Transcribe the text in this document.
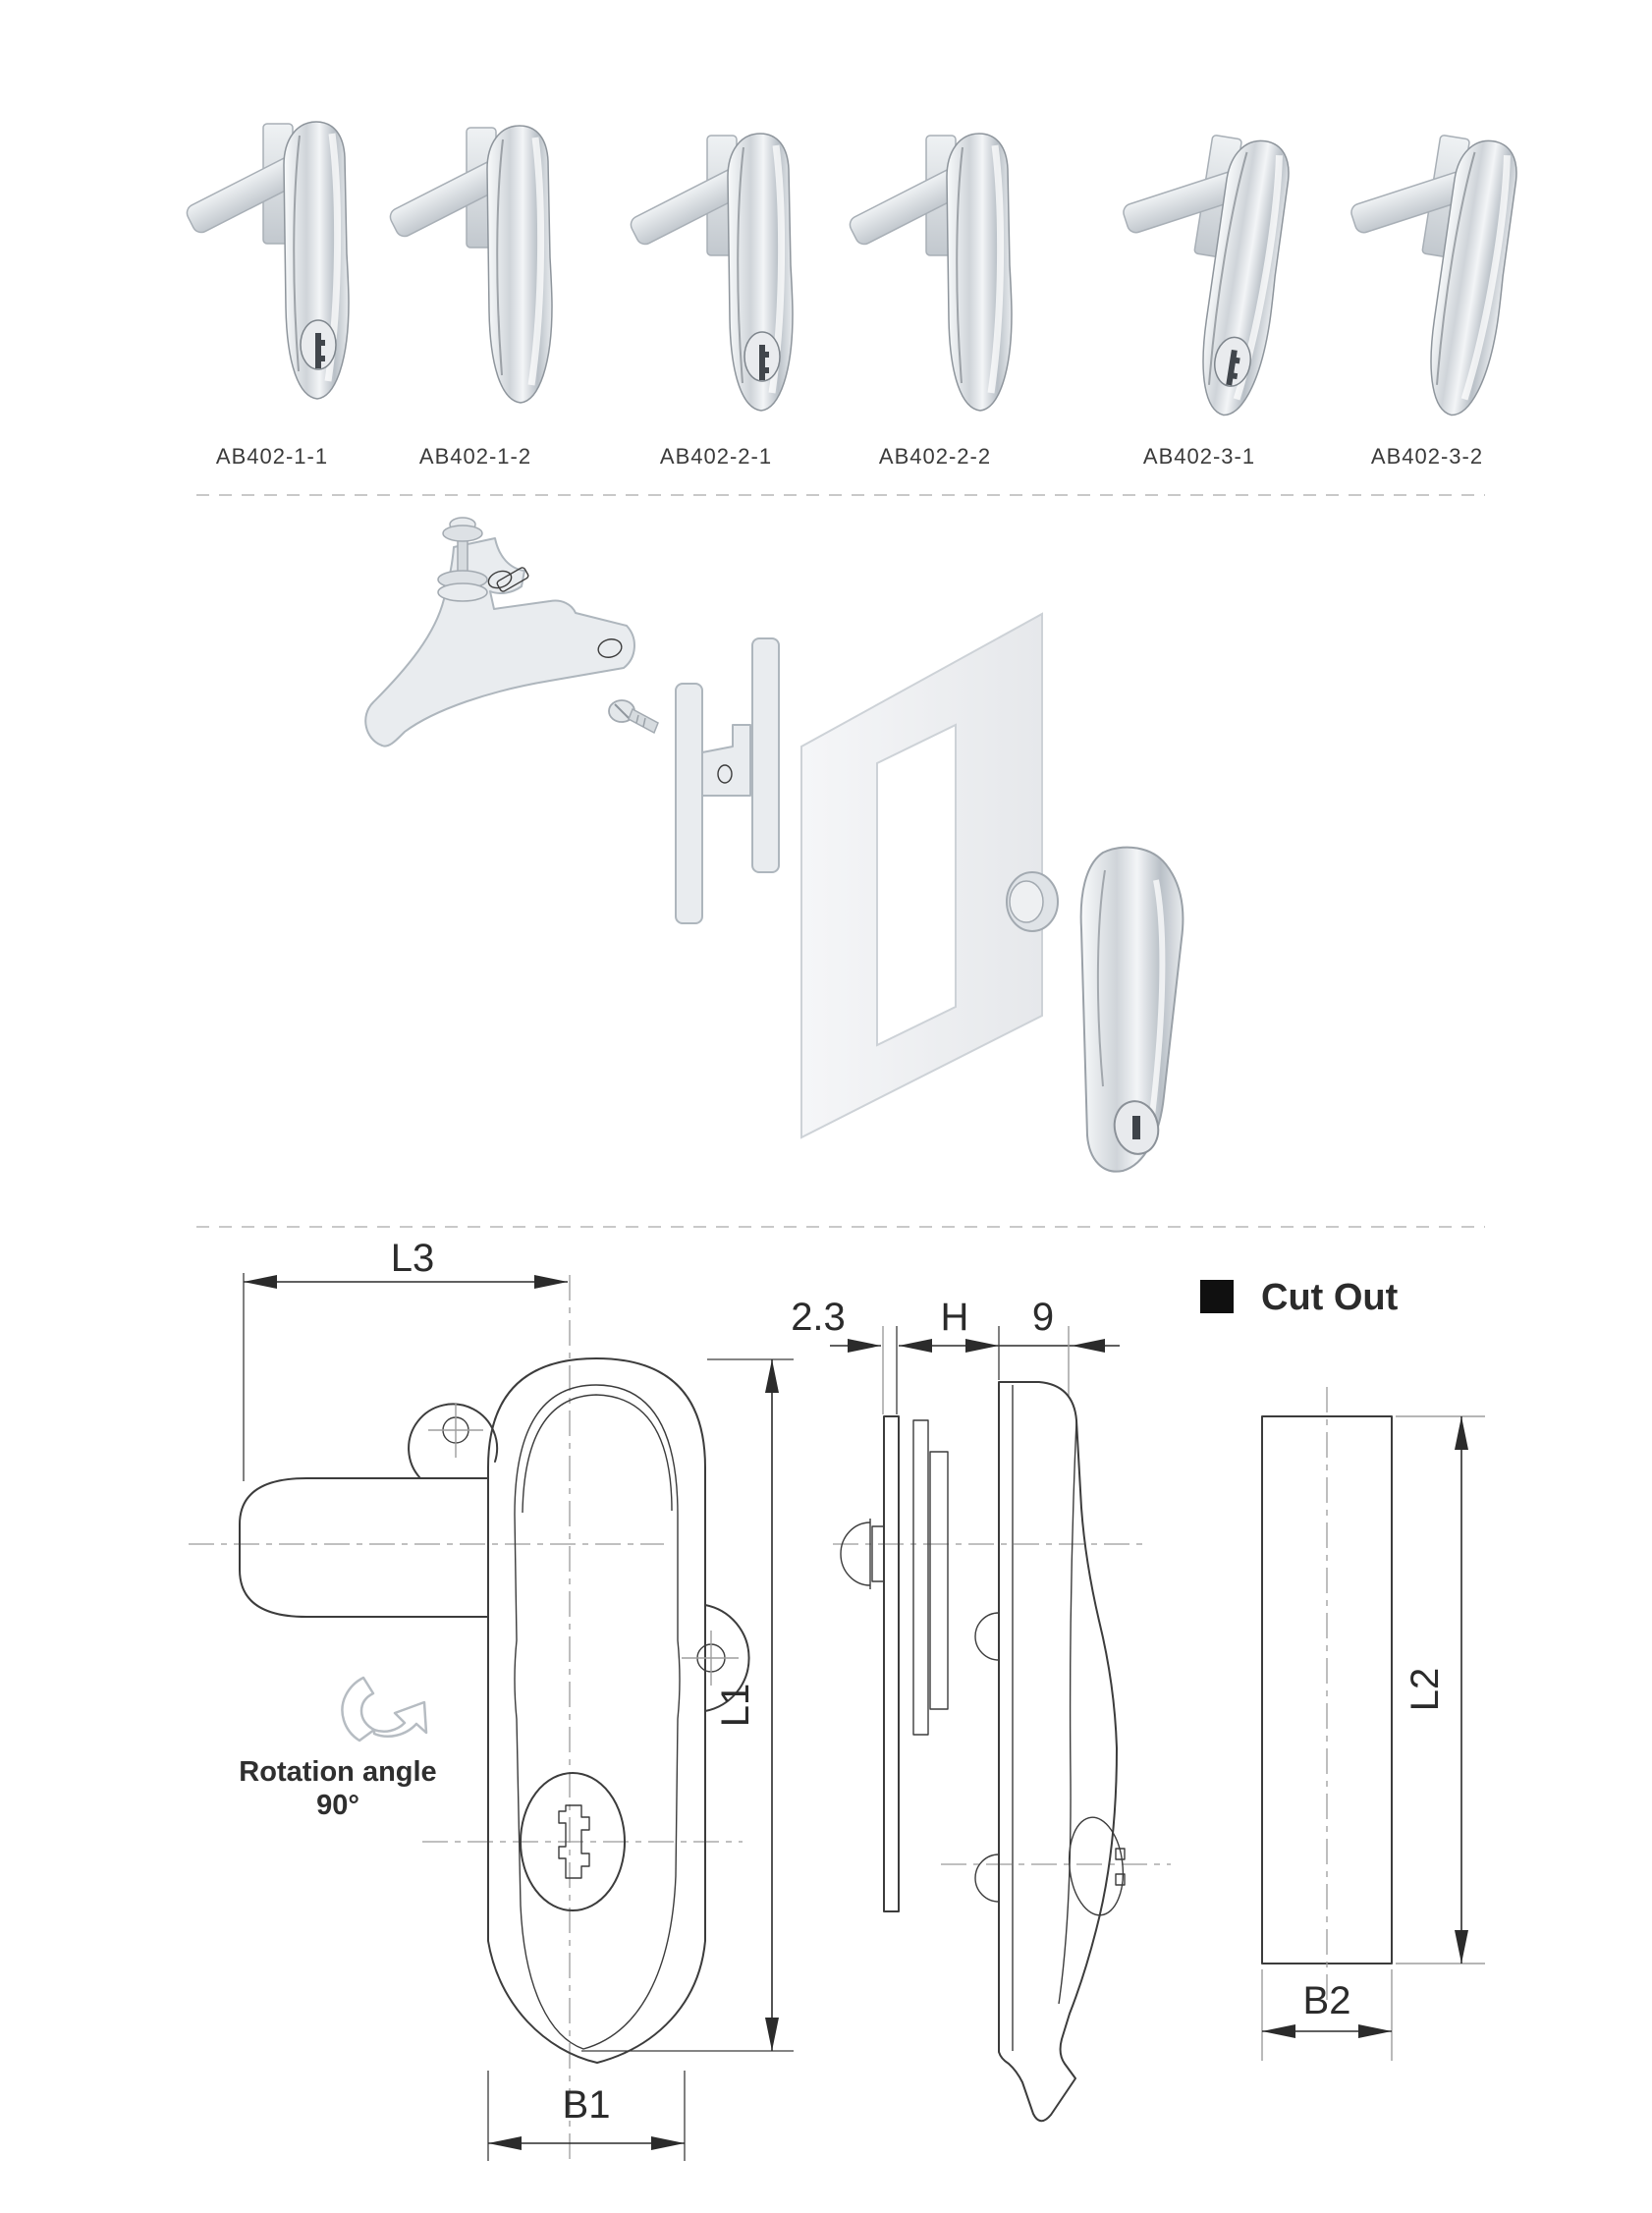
AB402-1-1	AB402-1-2	AB402-2-1	AB402-2-2	AB402-3-1	AB402-3-2
L3
L1
B1
Rotation angle
90°
2.3 H 9	Cut Out
L2
B2
